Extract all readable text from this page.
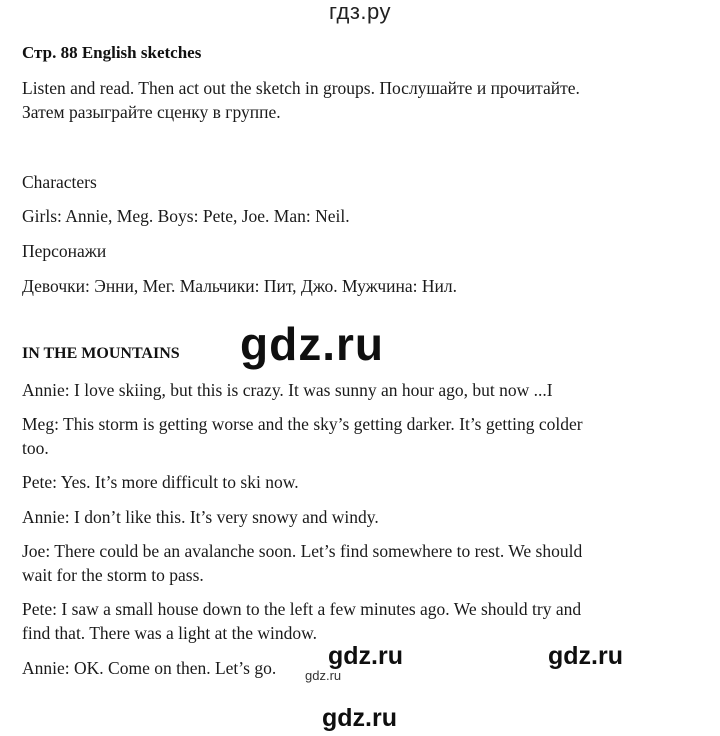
гдз.ру
Стр. 88 English sketches
Listen and read. Then act out the sketch in groups. Послушайте и прочитайте.
Затем разыграйте сценку в группе.
Characters
Girls: Annie, Meg. Boys: Pete, Joe. Man: Neil.
Персонажи
Девочки: Энни, Мег. Мальчики: Пит, Джо. Мужчина: Нил.
IN THE MOUNTAINS gdz.ru
Annie: I love skiing, but this is crazy. It was sunny an hour ago, but now ...I
Meg: This storm is getting worse and the sky’s getting darker. It’s getting colder
too.
Pete: Yes. It’s more difficult to ski now.
Annie: I don’t like this. It’s very snowy and windy.
Joe: There could be an avalanche soon. Let’s find somewhere to rest. We should
wait for the storm to pass.
Pete: I saw a small house down to the left a few minutes ago. We should try and
find that. There was a light at the window.
gdz.ru
Annie: OK. Come on then. Let’s go. gdz.ru	gdz.ru
gdz.ru
